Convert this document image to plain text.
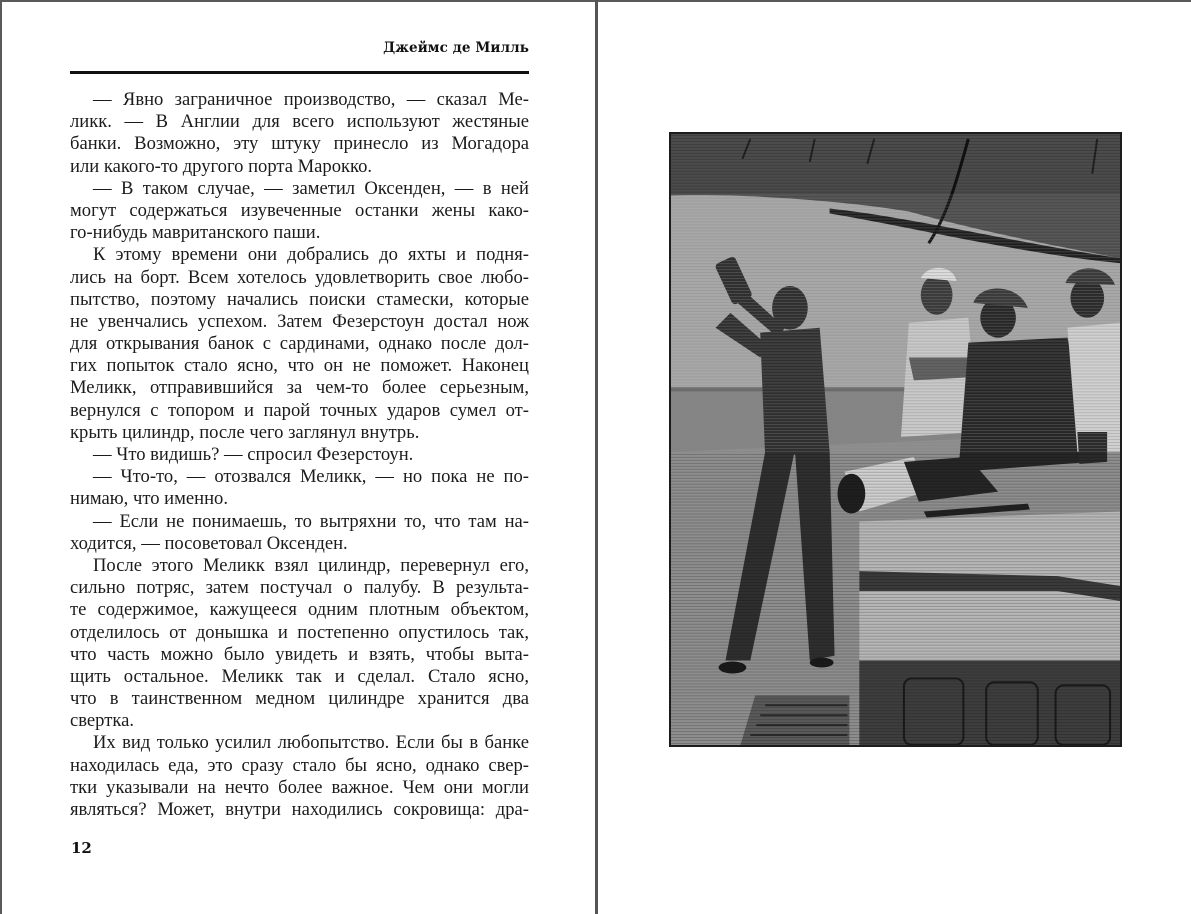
Джеймс де Милль
— Явно заграничное производство, — сказал Ме-
ликк. — В Англии для всего используют жестяные
банки. Возможно, эту штуку принесло из Могадора
или какого-то другого порта Марокко.
— В таком случае, — заметил Оксенден, — в ней
могут содержаться изувеченные останки жены како-
го-нибудь мавританского паши.
К этому времени они добрались до яхты и подня-
лись на борт. Всем хотелось удовлетворить свое любо-
пытство, поэтому начались поиски стамески, которые
не увенчались успехом. Затем Фезерстоун достал нож
для открывания банок с сардинами, однако после дол-
гих попыток стало ясно, что он не поможет. Наконец
Меликк, отправившийся за чем-то более серьезным,
вернулся с топором и парой точных ударов сумел от-
крыть цилиндр, после чего заглянул внутрь.
— Что видишь? — спросил Фезерстоун.
— Что-то, — отозвался Меликк, — но пока не по-
нимаю, что именно.
— Если не понимаешь, то вытряхни то, что там на-
ходится, — посоветовал Оксенден.
После этого Меликк взял цилиндр, перевернул его,
сильно потряс, затем постучал о палубу. В результа-
те содержимое, кажущееся одним плотным объектом,
отделилось от донышка и постепенно опустилось так,
что часть можно было увидеть и взять, чтобы выта-
щить остальное. Меликк так и сделал. Стало ясно,
что в таинственном медном цилиндре хранится два
свертка.
Их вид только усилил любопытство. Если бы в банке
находилась еда, это сразу стало бы ясно, однако свер-
тки указывали на нечто более важное. Чем они могли
являться? Может, внутри находились сокровища: дра-
12
